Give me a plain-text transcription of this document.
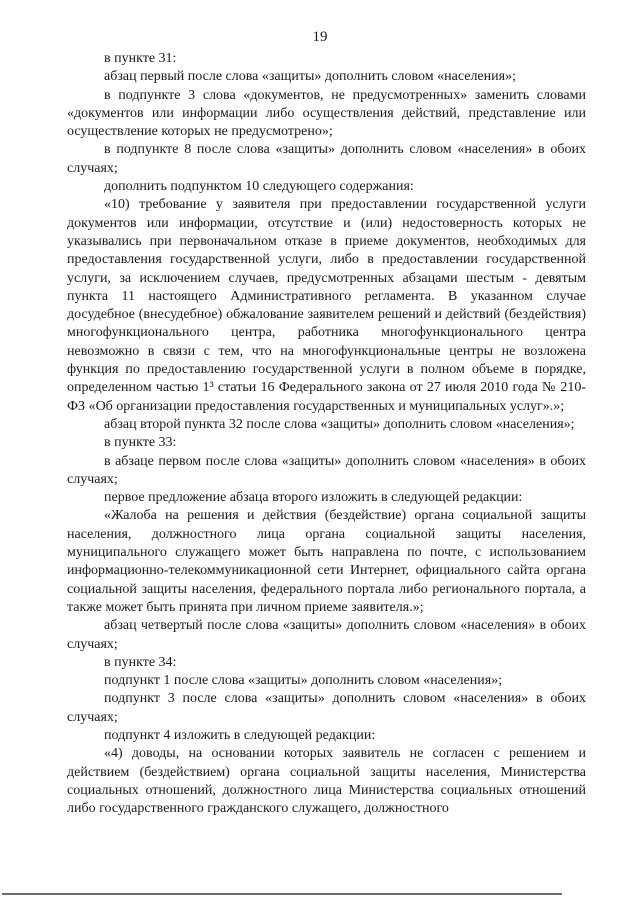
19

в пункте 31:

абзац первый после слова «защиты» дополнить словом «населения»;

в подпункте 3 слова «документов, не предусмотренных» заменить словами «документов или информации либо осуществления действий, представление или осуществление которых не предусмотрено»;

в подпункте 8 после слова «защиты» дополнить словом «населения» в обоих случаях;

дополнить подпунктом 10 следующего содержания:

«10) требование у заявителя при предоставлении государственной услуги документов или информации, отсутствие и (или) недостоверность которых не указывались при первоначальном отказе в приеме документов, необходимых для предоставления государственной услуги, либо в предоставлении государственной услуги, за исключением случаев, предусмотренных абзацами шестым - девятым пункта 11 настоящего Административного регламента. В указанном случае досудебное (внесудебное) обжалование заявителем решений и действий (бездействия) многофункционального центра, работника многофункционального центра невозможно в связи с тем, что на многофункциональные центры не возложена функция по предоставлению государственной услуги в полном объеме в порядке, определенном частью 1³ статьи 16 Федерального закона от 27 июля 2010 года № 210-ФЗ «Об организации предоставления государственных и муниципальных услуг».»;

абзац второй пункта 32 после слова «защиты» дополнить словом «населения»;

в пункте 33:

в абзаце первом после слова «защиты» дополнить словом «населения» в обоих случаях;

первое предложение абзаца второго изложить в следующей редакции:

«Жалоба на решения и действия (бездействие) органа социальной защиты населения, должностного лица органа социальной защиты населения, муниципального служащего может быть направлена по почте, с использованием информационно-телекоммуникационной сети Интернет, официального сайта органа социальной защиты населения, федерального портала либо регионального портала, а также может быть принята при личном приеме заявителя.»;

абзац четвертый после слова «защиты» дополнить словом «населения» в обоих случаях;

в пункте 34:

подпункт 1 после слова «защиты» дополнить словом «населения»;

подпункт 3 после слова «защиты» дополнить словом «населения» в обоих случаях;

подпункт 4 изложить в следующей редакции:

«4) доводы, на основании которых заявитель не согласен с решением и действием (бездействием) органа социальной защиты населения, Министерства социальных отношений, должностного лица Министерства социальных отношений либо государственного гражданского служащего, должностного
